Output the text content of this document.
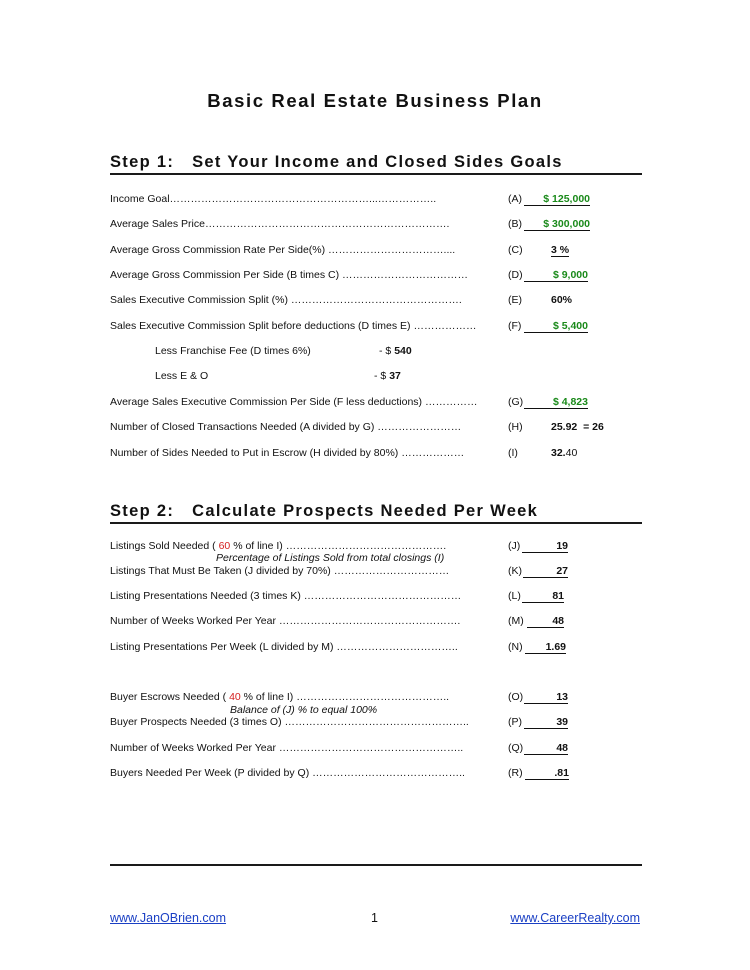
Basic Real Estate Business Plan
Step 1: Set Your Income and Closed Sides Goals
Income Goal…………………………………………………...……………..	(A)	$ 125,000
Average Sales Price…………………………………………………………….	(B)	$ 300,000
Average Gross Commission Rate Per Side(%) ……………………………....	(C)	3 %
Average Gross Commission Per Side (B times C) ………………………………	(D)	$ 9,000
Sales Executive Commission Split (%) ………………………………………….	(E)	60%
Sales Executive Commission Split before deductions (D times E) ………………	(F)	$ 5,400
Less Franchise Fee (D times 6%)	- $ 540
Less E & O	- $ 37
Average Sales Executive Commission Per Side (F less deductions) ……………	(G)	$ 4,823
Number of Closed Transactions Needed (A divided by G) ……………………	(H)	25.92  = 26
Number of Sides Needed to Put in Escrow (H divided by 80%) ………………	(I)	32.40
Step 2: Calculate Prospects Needed Per Week
Listings Sold Needed ( 60 % of line I) ……………………………………….	(J)	19
Percentage of Listings Sold from total closings (I)
Listings That Must Be Taken (J divided by 70%) ……………………………	(K)	27
Listing Presentations Needed (3 times K) ………………………………………	(L)	81
Number of Weeks Worked Per Year …………………………………………….	(M)	48
Listing Presentations Per Week (L divided by M) ……………………………..	(N)	1.69
Buyer Escrows Needed ( 40 % of line I) ……………………………………..	(O)	13
Balance of (J) % to equal 100%
Buyer Prospects Needed (3 times O) ……………………………………………..	(P)	39
Number of Weeks Worked Per Year ……………………………………………..	(Q)	48
Buyers Needed Per Week (P divided by Q) ……………………………………..	(R)	.81
www.JanOBrien.com	1	www.CareerRealty.com
